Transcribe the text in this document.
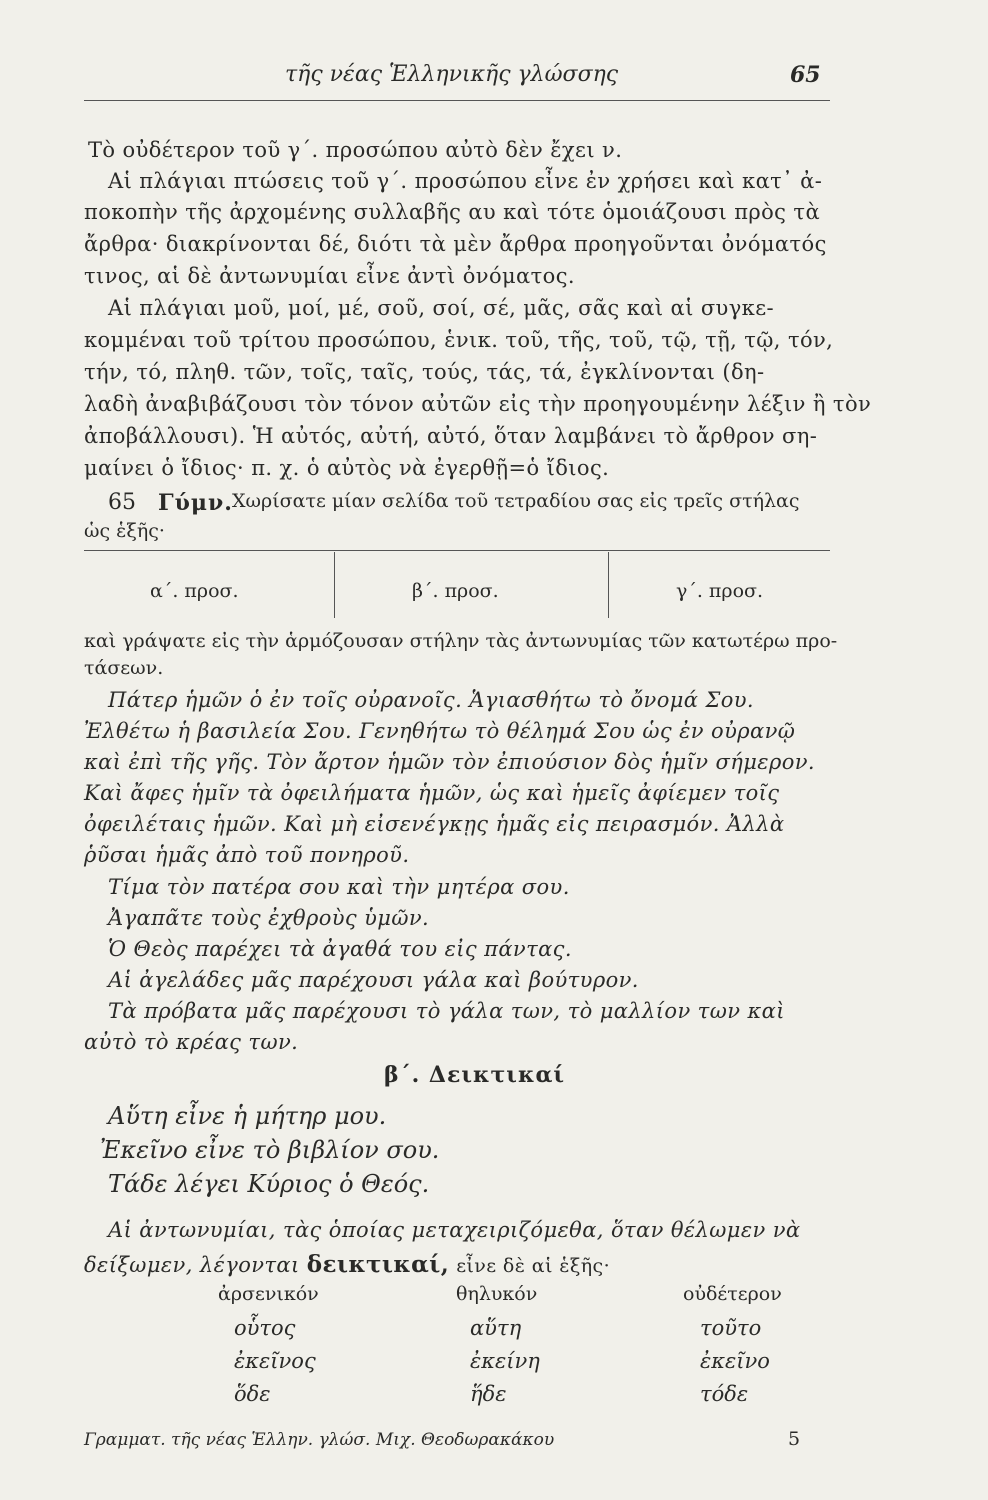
τῆς νέας Ἑλληνικῆς γλώσσης	65
Τὸ οὐδέτερον τοῦ γ΄. προσώπου αὐτὸ δὲν ἔχει ν.
Αἱ πλάγιαι πτώσεις τοῦ γ΄. προσώπου εἶνε ἐν χρήσει καὶ κατ᾽ ἀ-
ποκοπὴν τῆς ἀρχομένης συλλαβῆς αυ καὶ τότε ὁμοιάζουσι πρὸς τὰ
ἄρθρα· διακρίνονται δέ, διότι τὰ μὲν ἄρθρα προηγοῦνται ὀνόματός
τινος, αἱ δὲ ἀντωνυμίαι εἶνε ἀντὶ ὀνόματος.
Αἱ πλάγιαι μοῦ, μοί, μέ, σοῦ, σοί, σέ, μᾶς, σᾶς καὶ αἱ συγκε-
κομμέναι τοῦ τρίτου προσώπου, ἑνικ. τοῦ, τῆς, τοῦ, τῷ, τῇ, τῷ, τόν,
τήν, τό, πληθ. τῶν, τοῖς, ταῖς, τούς, τάς, τά, ἐγκλίνονται (δη-
λαδὴ ἀναβιβάζουσι τὸν τόνον αὐτῶν εἰς τὴν προηγουμένην λέξιν ἢ τὸν
ἀποβάλλουσι). Ἡ αὐτός, αὐτή, αὐτό, ὅταν λαμβάνει τὸ ἄρθρον ση-
μαίνει ὁ ἴδιος· π. χ. ὁ αὐτὸς νὰ ἐγερθῇ=ὁ ἴδιος.
65 Γύμν. Χωρίσατε μίαν σελίδα τοῦ τετραδίου σας εἰς τρεῖς στήλας
ὡς ἑξῆς·
α΄. προσ.	β΄. προσ.	γ΄. προσ.
καὶ γράψατε εἰς τὴν ἁρμόζουσαν στήλην τὰς ἀντωνυμίας τῶν κατωτέρω προ-
τάσεων.
Πάτερ ἡμῶν ὁ ἐν τοῖς οὐρανοῖς. Ἁγιασθήτω τὸ ὄνομά Σου.
Ἐλθέτω ἡ βασιλεία Σου. Γενηθήτω τὸ θέλημά Σου ὡς ἐν οὐρανῷ
καὶ ἐπὶ τῆς γῆς. Τὸν ἄρτον ἡμῶν τὸν ἐπιούσιον δὸς ἡμῖν σήμερον.
Καὶ ἄφες ἡμῖν τὰ ὀφειλήματα ἡμῶν, ὡς καὶ ἡμεῖς ἀφίεμεν τοῖς
ὀφειλέταις ἡμῶν. Καὶ μὴ εἰσενέγκῃς ἡμᾶς εἰς πειρασμόν. Ἀλλὰ
ῥῦσαι ἡμᾶς ἀπὸ τοῦ πονηροῦ.
Τίμα τὸν πατέρα σου καὶ τὴν μητέρα σου.
Ἀγαπᾶτε τοὺς ἐχθροὺς ὑμῶν.
Ὁ Θεὸς παρέχει τὰ ἀγαθά του εἰς πάντας.
Αἱ ἀγελάδες μᾶς παρέχουσι γάλα καὶ βούτυρον.
Τὰ πρόβατα μᾶς παρέχουσι τὸ γάλα των, τὸ μαλλίον των καὶ
αὐτὸ τὸ κρέας των.
β΄. Δεικτικαί
Αὕτη εἶνε ἡ μήτηρ μου.
Ἐκεῖνο εἶνε τὸ βιβλίον σου.
Τάδε λέγει Κύριος ὁ Θεός.
Αἱ ἀντωνυμίαι, τὰς ὁποίας μεταχειριζόμεθα, ὅταν θέλωμεν νὰ
δείξωμεν, λέγονται δεικτικαί, εἶνε δὲ αἱ ἑξῆς·
ἀρσενικόν	θηλυκόν	οὐδέτερον
οὗτος	αὕτη	τοῦτο
ἐκεῖνος	ἐκείνη	ἐκεῖνο
ὅδε	ἥδε	τόδε
Γραμματ. τῆς νέας Ἑλλην. γλώσ. Μιχ. Θεοδωρακάκου	5
